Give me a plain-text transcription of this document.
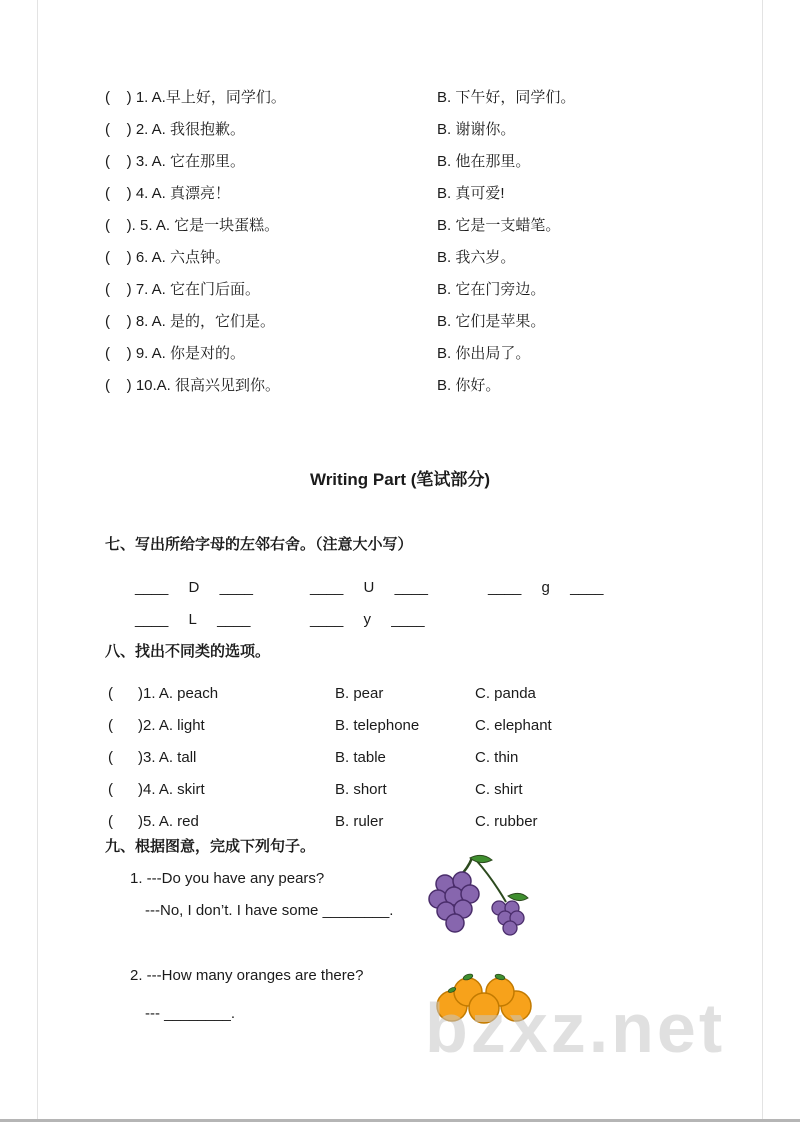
(    ) 1. A.早上好，同学们。	B. 下午好，同学们。
(    ) 2. A. 我很抱歉。	B. 谢谢你。
(    ) 3. A. 它在那里。	B. 他在那里。
(    ) 4. A. 真漂亮！	B. 真可爱!
(    ). 5. A. 它是一块蛋糕。	B. 它是一支蜡笔。
(    ) 6. A. 六点钟。	B. 我六岁。
(    ) 7. A. 它在门后面。	B. 它在门旁边。
(    ) 8. A. 是的，它们是。	B. 它们是苹果。
(    ) 9. A. 你是对的。	B. 你出局了。
(    ) 10.A. 很高兴见到你。	B. 你好。
Writing Part (笔试部分)
七、写出所给字母的左邻右舍。（注意大小写）
____ D ____	____ U ____	____ g ____
____ L ____	____ y ____
八、找出不同类的选项。
(      )1. A. peach	B. pear	C. panda
(      )2. A. light	B. telephone	C. elephant
(      )3. A. tall	B. table	C. thin
(      )4. A. skirt	B. short	C. shirt
(      )5. A. red	B. ruler	C. rubber
九、根据图意，完成下列句子。
1. ---Do you have any pears?
---No, I don’t. I have some ________.
2. ---How many oranges are there?
--- ________.	bzxz.net
